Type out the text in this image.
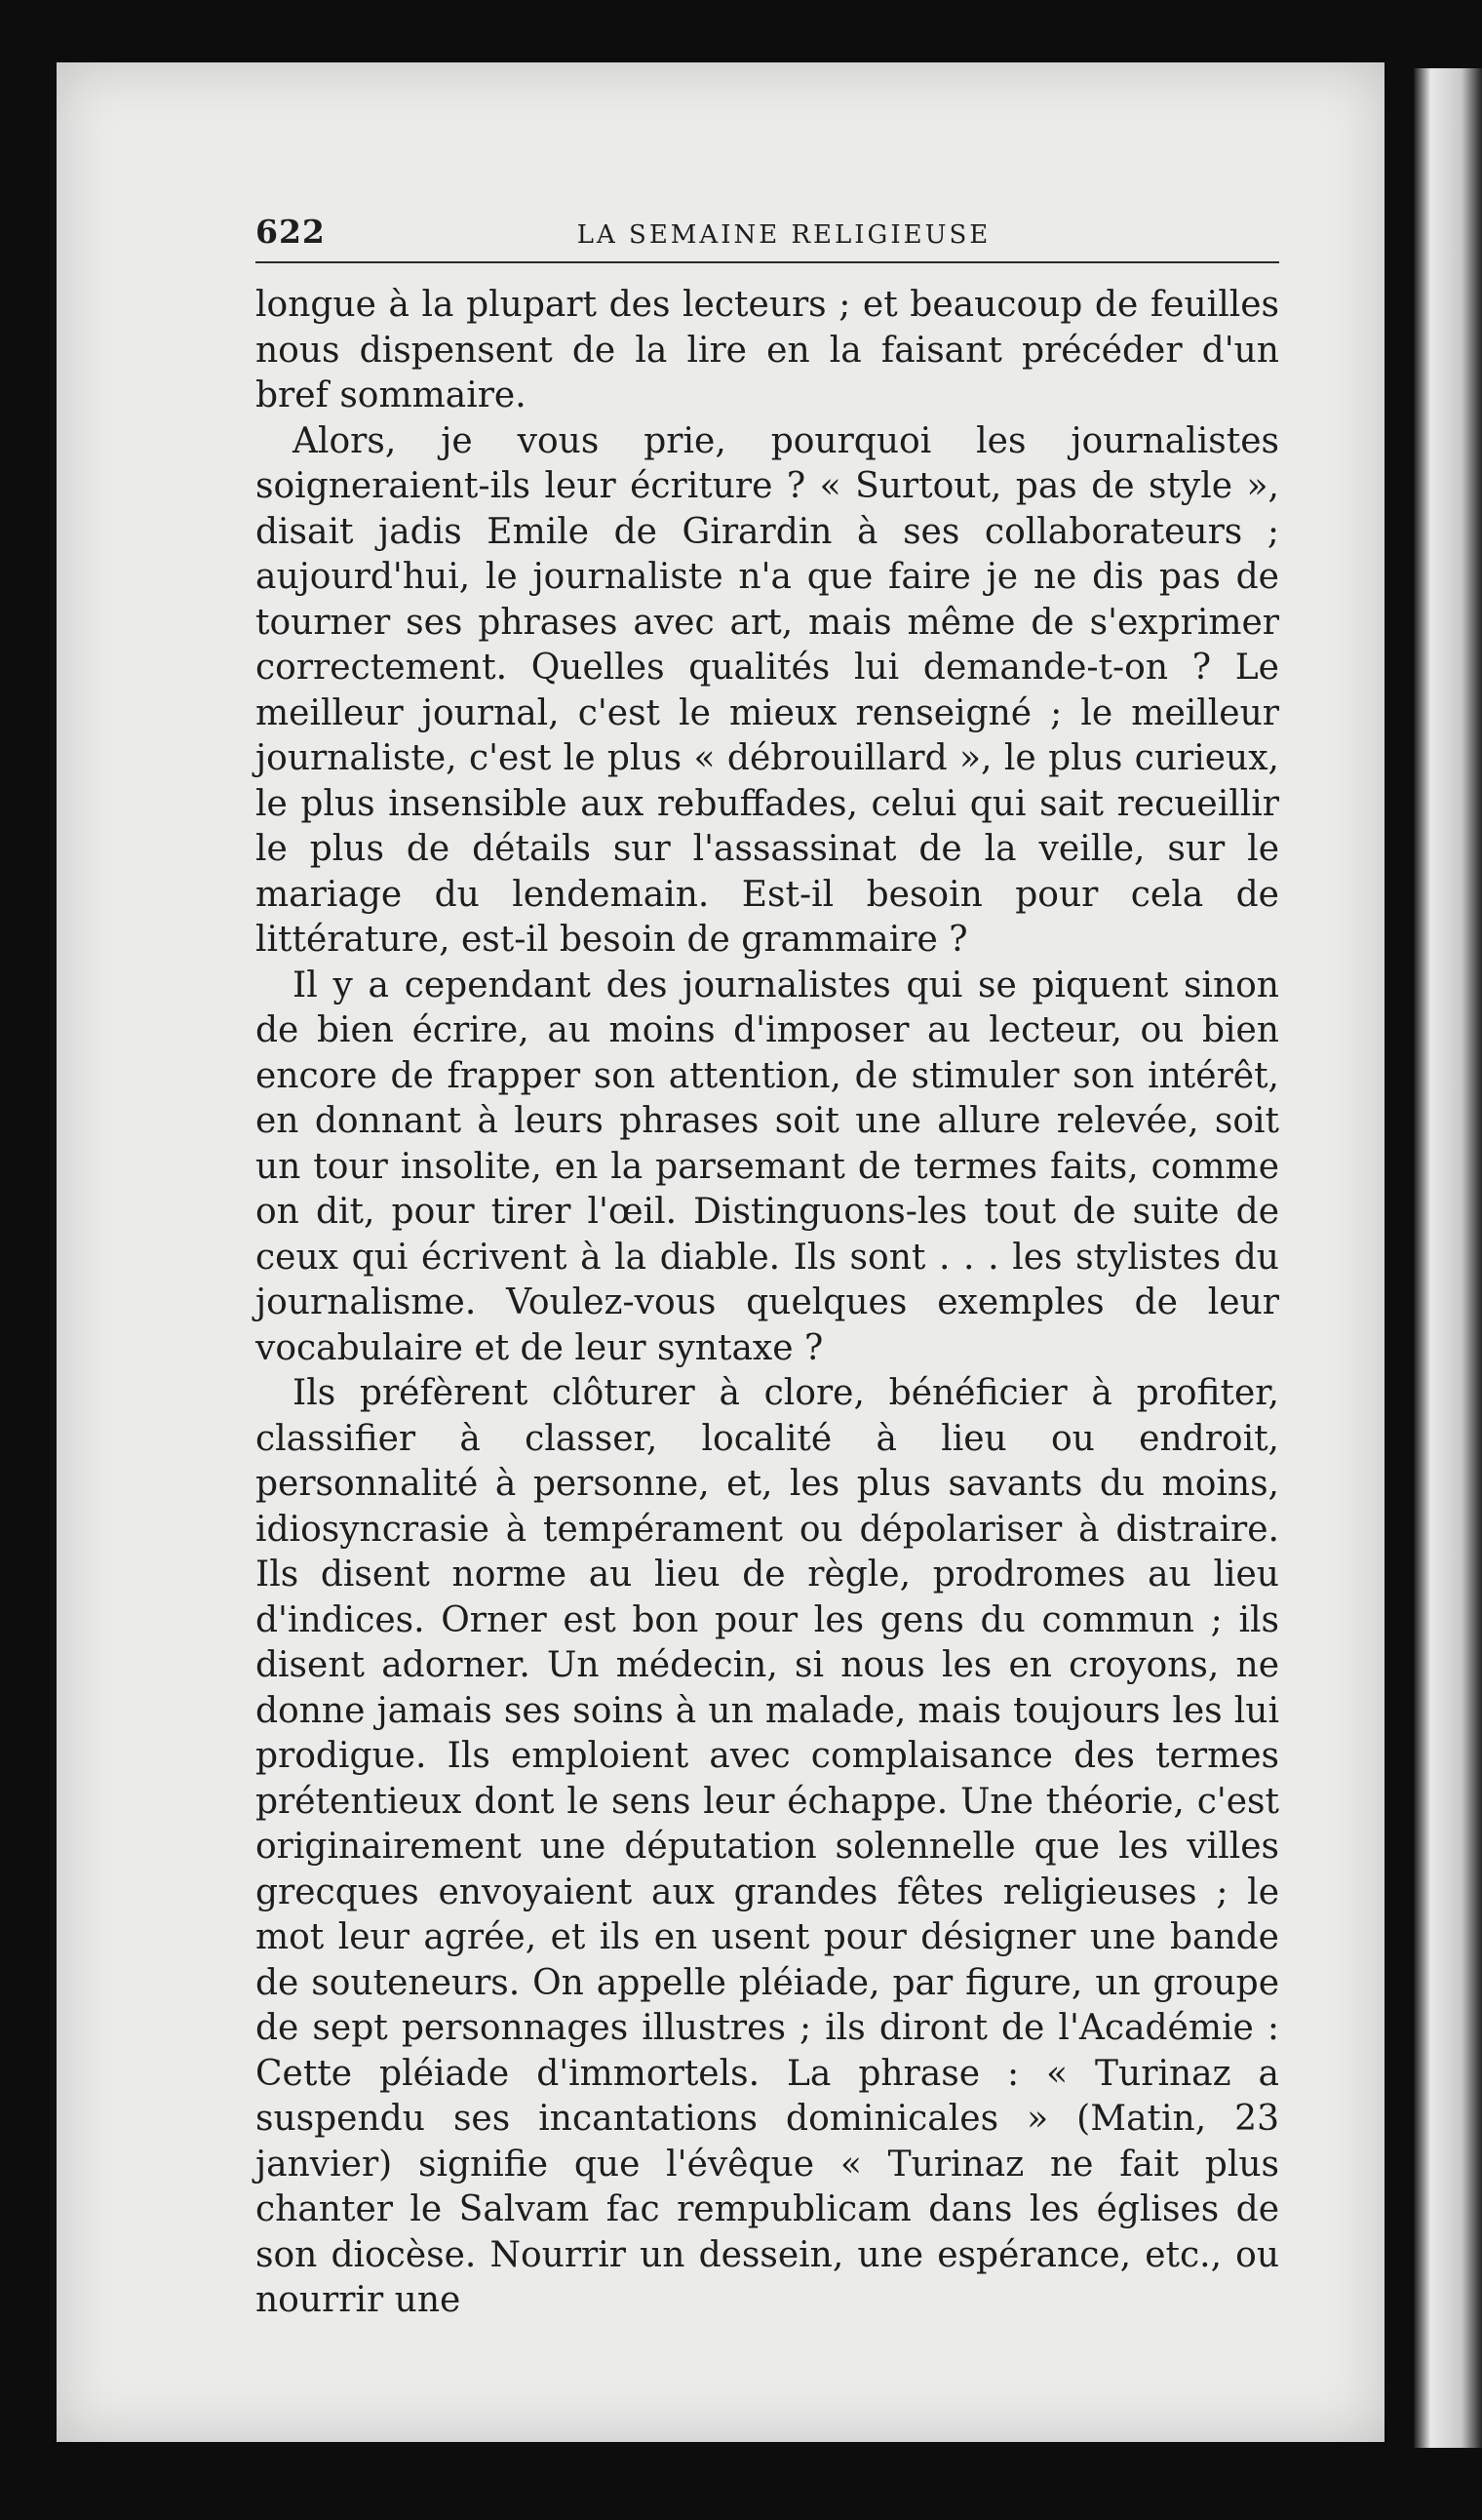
622	LA SEMAINE RELIGIEUSE

longue à la plupart des lecteurs ; et beaucoup de feuilles nous dispensent de la lire en la faisant précéder d'un bref sommaire.

Alors, je vous prie, pourquoi les journalistes soigneraient-ils leur écriture ? « Surtout, pas de style », disait jadis Emile de Girardin à ses collaborateurs ; aujourd'hui, le journaliste n'a que faire je ne dis pas de tourner ses phrases avec art, mais même de s'exprimer correctement. Quelles qualités lui demande-t-on ? Le meilleur journal, c'est le mieux renseigné ; le meilleur journaliste, c'est le plus « débrouillard », le plus curieux, le plus insensible aux rebuffades, celui qui sait recueillir le plus de détails sur l'assassinat de la veille, sur le mariage du lendemain. Est-il besoin pour cela de littérature, est-il besoin de grammaire ?

Il y a cependant des journalistes qui se piquent sinon de bien écrire, au moins d'imposer au lecteur, ou bien encore de frapper son attention, de stimuler son intérêt, en donnant à leurs phrases soit une allure relevée, soit un tour insolite, en la parsemant de termes faits, comme on dit, pour tirer l'œil. Distinguons-les tout de suite de ceux qui écrivent à la diable. Ils sont . . . les stylistes du journalisme. Voulez-vous quelques exemples de leur vocabulaire et de leur syntaxe ?

Ils préfèrent clôturer à clore, bénéficier à profiter, classifier à classer, localité à lieu ou endroit, personnalité à personne, et, les plus savants du moins, idiosyncrasie à tempérament ou dépolariser à distraire. Ils disent norme au lieu de règle, prodromes au lieu d'indices. Orner est bon pour les gens du commun ; ils disent adorner. Un médecin, si nous les en croyons, ne donne jamais ses soins à un malade, mais toujours les lui prodigue. Ils emploient avec complaisance des termes prétentieux dont le sens leur échappe. Une théorie, c'est originairement une députation solennelle que les villes grecques envoyaient aux grandes fêtes religieuses ; le mot leur agrée, et ils en usent pour désigner une bande de souteneurs. On appelle pléiade, par figure, un groupe de sept personnages illustres ; ils diront de l'Académie : Cette pléiade d'immortels. La phrase : « Turinaz a suspendu ses incantations dominicales » (Matin, 23 janvier) signifie que l'évêque « Turinaz ne fait plus chanter le Salvam fac rempublicam dans les églises de son diocèse. Nourrir un dessein, une espérance, etc., ou nourrir une
